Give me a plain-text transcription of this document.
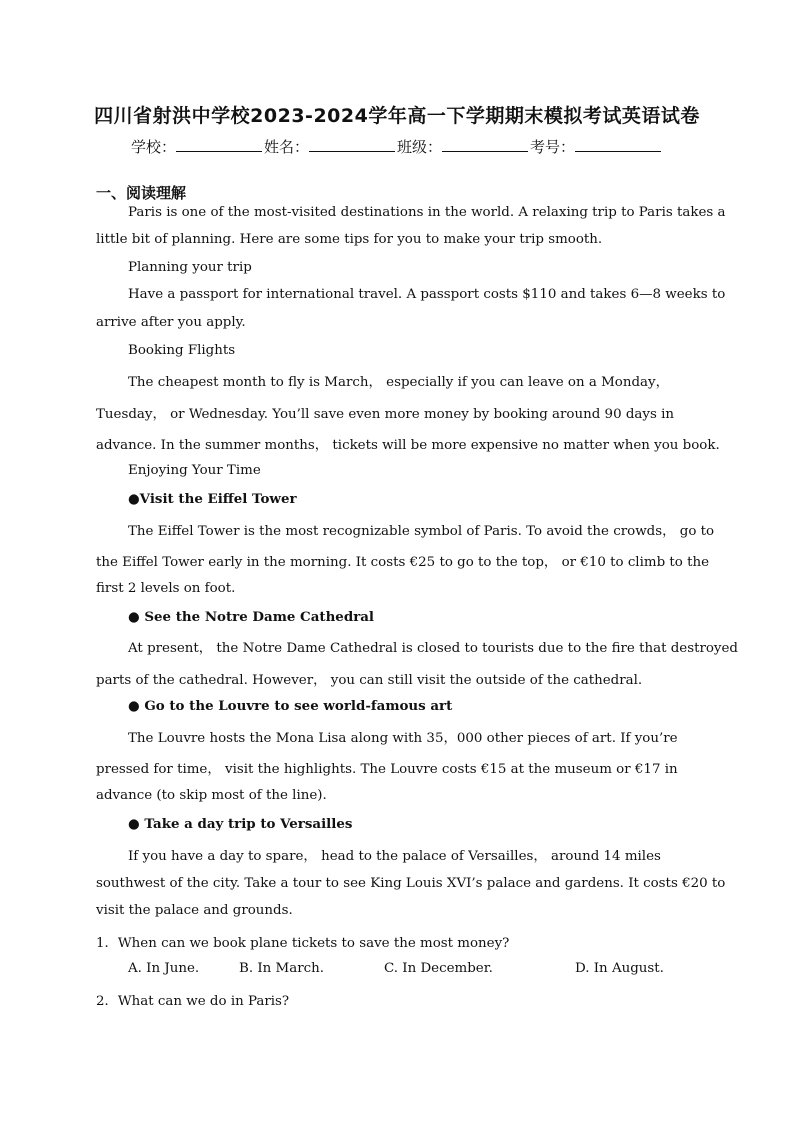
四川省射洪中学校2023-2024学年高一下学期期末模拟考试英语试卷
学校：	姓名：	班级：	考号：
一、阅读理解
Paris is one of the most-visited destinations in the world. A relaxing trip to Paris takes a
little bit of planning. Here are some tips for you to make your trip smooth.
Planning your trip
Have a passport for international travel. A passport costs $110 and takes 6—8 weeks to
arrive after you apply.
Booking Flights
The cheapest month to fly is March， especially if you can leave on a Monday，
Tuesday， or Wednesday. You’ll save even more money by booking around 90 days in
advance. In the summer months， tickets will be more expensive no matter when you book.
Enjoying Your Time
●Visit the Eiffel Tower
The Eiffel Tower is the most recognizable symbol of Paris. To avoid the crowds， go to
the Eiffel Tower early in the morning. It costs €25 to go to the top， or €10 to climb to the
first 2 levels on foot.
● See the Notre Dame Cathedral
At present， the Notre Dame Cathedral is closed to tourists due to the fire that destroyed
parts of the cathedral. However， you can still visit the outside of the cathedral.
● Go to the Louvre to see world-famous art
The Louvre hosts the Mona Lisa along with 35，000 other pieces of art. If you’re
pressed for time， visit the highlights. The Louvre costs €15 at the museum or €17 in
advance (to skip most of the line).
● Take a day trip to Versailles
If you have a day to spare， head to the palace of Versailles， around 14 miles
southwest of the city. Take a tour to see King Louis XVI’s palace and gardens. It costs €20 to
visit the palace and grounds.
1．When can we book plane tickets to save the most money?
A. In June.	B. In March.	C. In December.	D. In August.
2．What can we do in Paris?
